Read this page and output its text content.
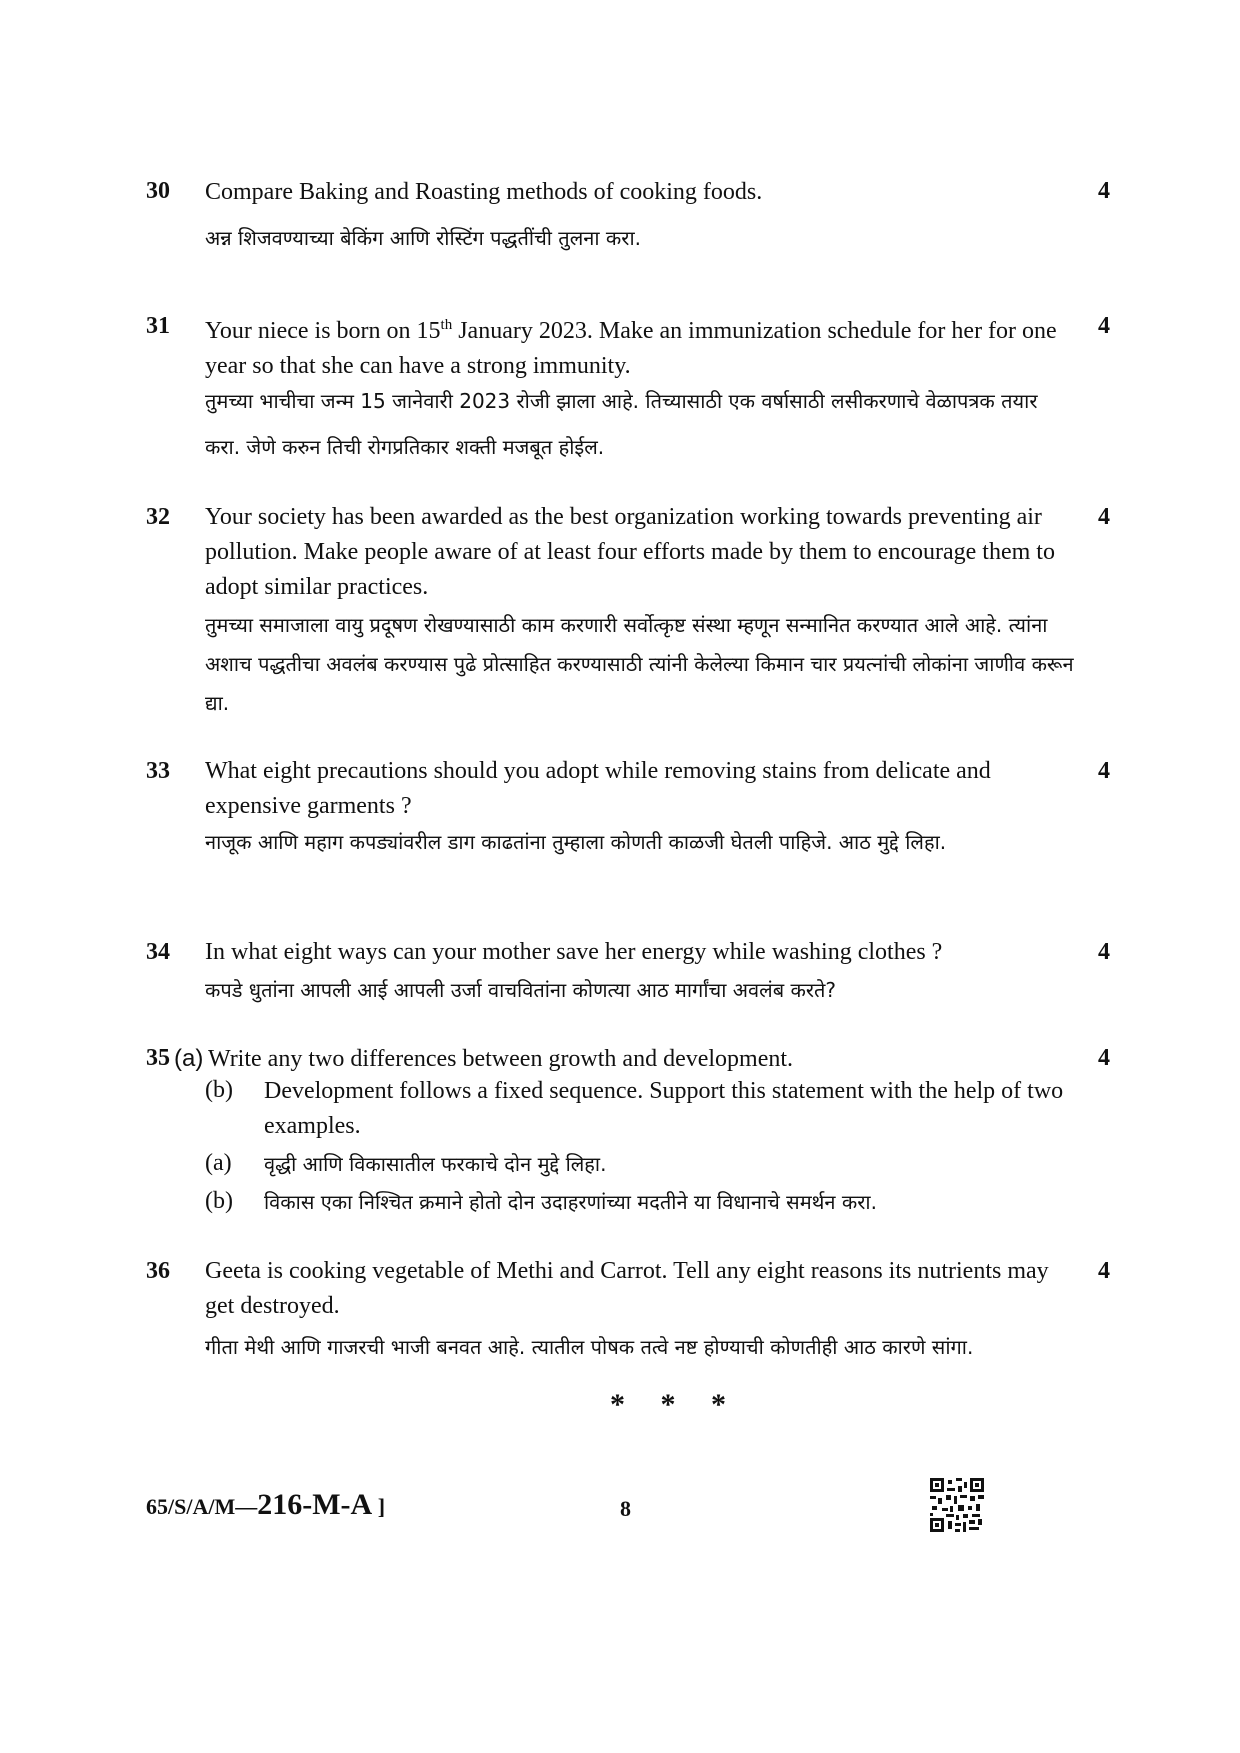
30 Compare Baking and Roasting methods of cooking foods.	4
अन्न शिजवण्याच्या बेकिंग आणि रोस्टिंग पद्धतींची तुलना करा.
31 Your niece is born on 15th January 2023. Make an immunization schedule for her for one year so that she can have a strong immunity.
4
तुमच्या भाचीचा जन्म 15 जानेवारी 2023 रोजी झाला आहे. तिच्यासाठी एक वर्षासाठी लसीकरणाचे वेळापत्रक तयार करा. जेणे करुन तिची रोगप्रतिकार शक्ती मजबूत होईल.
32 Your society has been awarded as the best organization working towards preventing air pollution. Make people aware of at least four efforts made by them to encourage them to adopt similar practices.
4
तुमच्या समाजाला वायु प्रदूषण रोखण्यासाठी काम करणारी सर्वोत्कृष्ट संस्था म्हणून सन्मानित करण्यात आले आहे. त्यांना अशाच पद्धतीचा अवलंब करण्यास पुढे प्रोत्साहित करण्यासाठी त्यांनी केलेल्या किमान चार प्रयत्नांची लोकांना जाणीव करून द्या.
33 What eight precautions should you adopt while removing stains from delicate and expensive garments ?
4
नाजूक आणि महाग कपड्यांवरील डाग काढतांना तुम्हाला कोणती काळजी घेतली पाहिजे. आठ मुद्दे लिहा.
34 In what eight ways can your mother save her energy while washing clothes ?	4
कपडे धुतांना आपली आई आपली उर्जा वाचवितांना कोणत्या आठ मार्गांचा अवलंब करते?
35 (a) Write any two differences between growth and development.	4
(b) Development follows a fixed sequence. Support this statement with the help of two examples.
(a) वृद्धी आणि विकासातील फरकाचे दोन मुद्दे लिहा.
(b) विकास एका निश्चित क्रमाने होतो दोन उदाहरणांच्या मदतीने या विधानाचे समर्थन करा.
36 Geeta is cooking vegetable of Methi and Carrot. Tell any eight reasons its nutrients may get destroyed.
4
गीता मेथी आणि गाजरची भाजी बनवत आहे. त्यातील पोषक तत्वे नष्ट होण्याची कोणतीही आठ कारणे सांगा.
* * *
65/S/A/M—216-M-A ]	8
